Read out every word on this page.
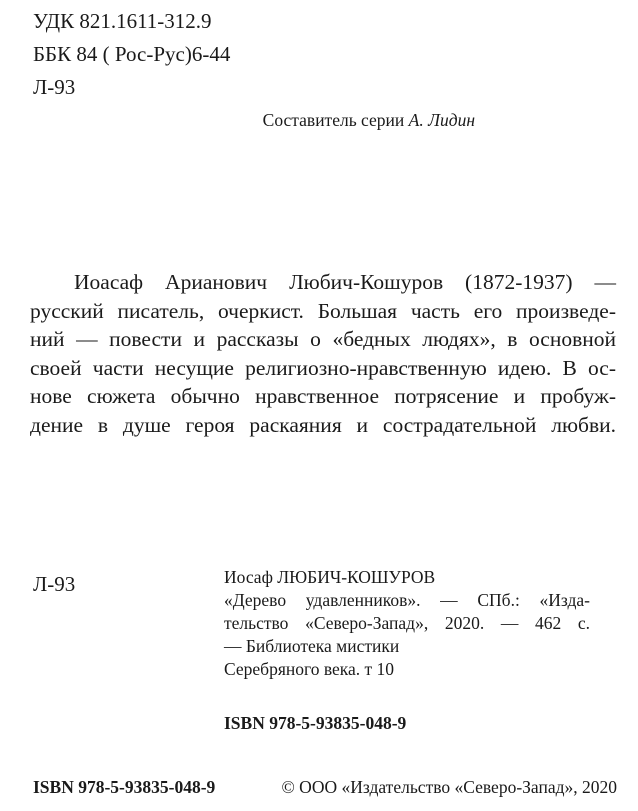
УДК 821.1611-312.9
ББК 84 ( Рос-Рус)6-44
Л-93
Составитель серии А. Лидин
Иоасаф Арианович Любич-Кошуров (1872-1937) —
русский писатель, очеркист. Большая часть его произведе-
ний — повести и рассказы о «бедных людях», в основной
своей части несущие религиозно-нравственную идею. В ос-
нове сюжета обычно нравственное потрясение и пробуж-
дение в душе героя раскаяния и сострадательной любви.
Л-93	Иосаф ЛЮБИЧ-КОШУРОВ
«Дерево удавленников». — СПб.: «Изда-
тельство «Северо-Запад», 2020. — 462 с.
— Библиотека мистики
Серебряного века. т 10
ISBN 978-5-93835-048-9
ISBN 978-5-93835-048-9	© ООО «Издательство «Северо-Запад», 2020
